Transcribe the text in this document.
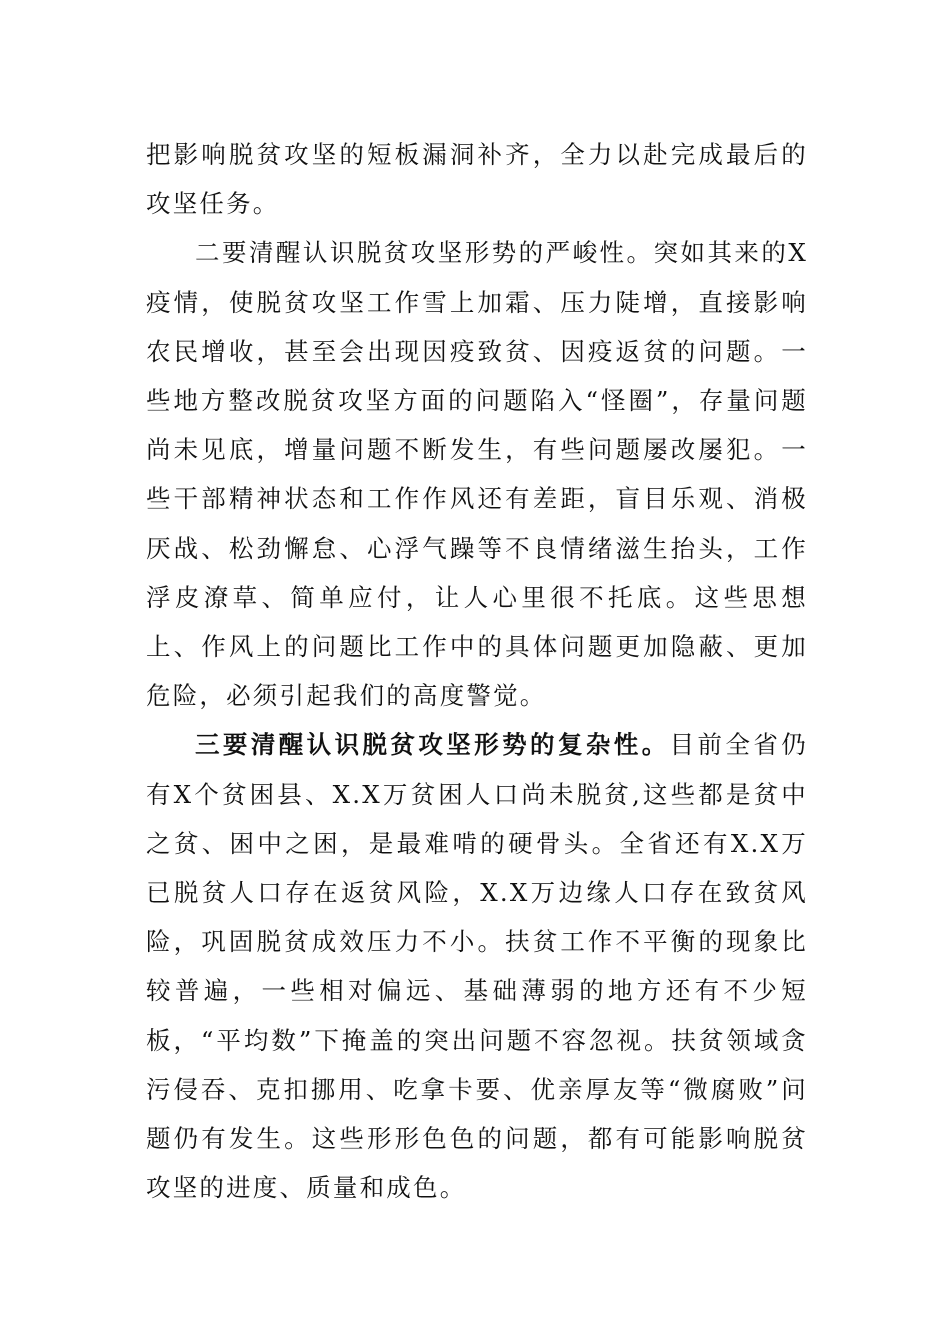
把影响脱贫攻坚的短板漏洞补齐，全力以赴完成最后的攻坚任务。

二要清醒认识脱贫攻坚形势的严峻性。突如其来的X疫情，使脱贫攻坚工作雪上加霜、压力陡增，直接影响农民增收，甚至会出现因疫致贫、因疫返贫的问题。一些地方整改脱贫攻坚方面的问题陷入“怪圈”，存量问题尚未见底，增量问题不断发生，有些问题屡改屡犯。一些干部精神状态和工作作风还有差距，盲目乐观、消极厌战、松劲懈怠、心浮气躁等不良情绪滋生抬头，工作浮皮潦草、简单应付，让人心里很不托底。这些思想上、作风上的问题比工作中的具体问题更加隐蔽、更加危险，必须引起我们的高度警觉。

三要清醒认识脱贫攻坚形势的复杂性。目前全省仍有X个贫困县、X.X万贫困人口尚未脱贫,这些都是贫中之贫、困中之困，是最难啃的硬骨头。全省还有X.X万已脱贫人口存在返贫风险，X.X万边缘人口存在致贫风险，巩固脱贫成效压力不小。扶贫工作不平衡的现象比较普遍，一些相对偏远、基础薄弱的地方还有不少短板，“平均数”下掩盖的突出问题不容忽视。扶贫领域贪污侵吞、克扣挪用、吃拿卡要、优亲厚友等“微腐败”问题仍有发生。这些形形色色的问题，都有可能影响脱贫攻坚的进度、质量和成色。
